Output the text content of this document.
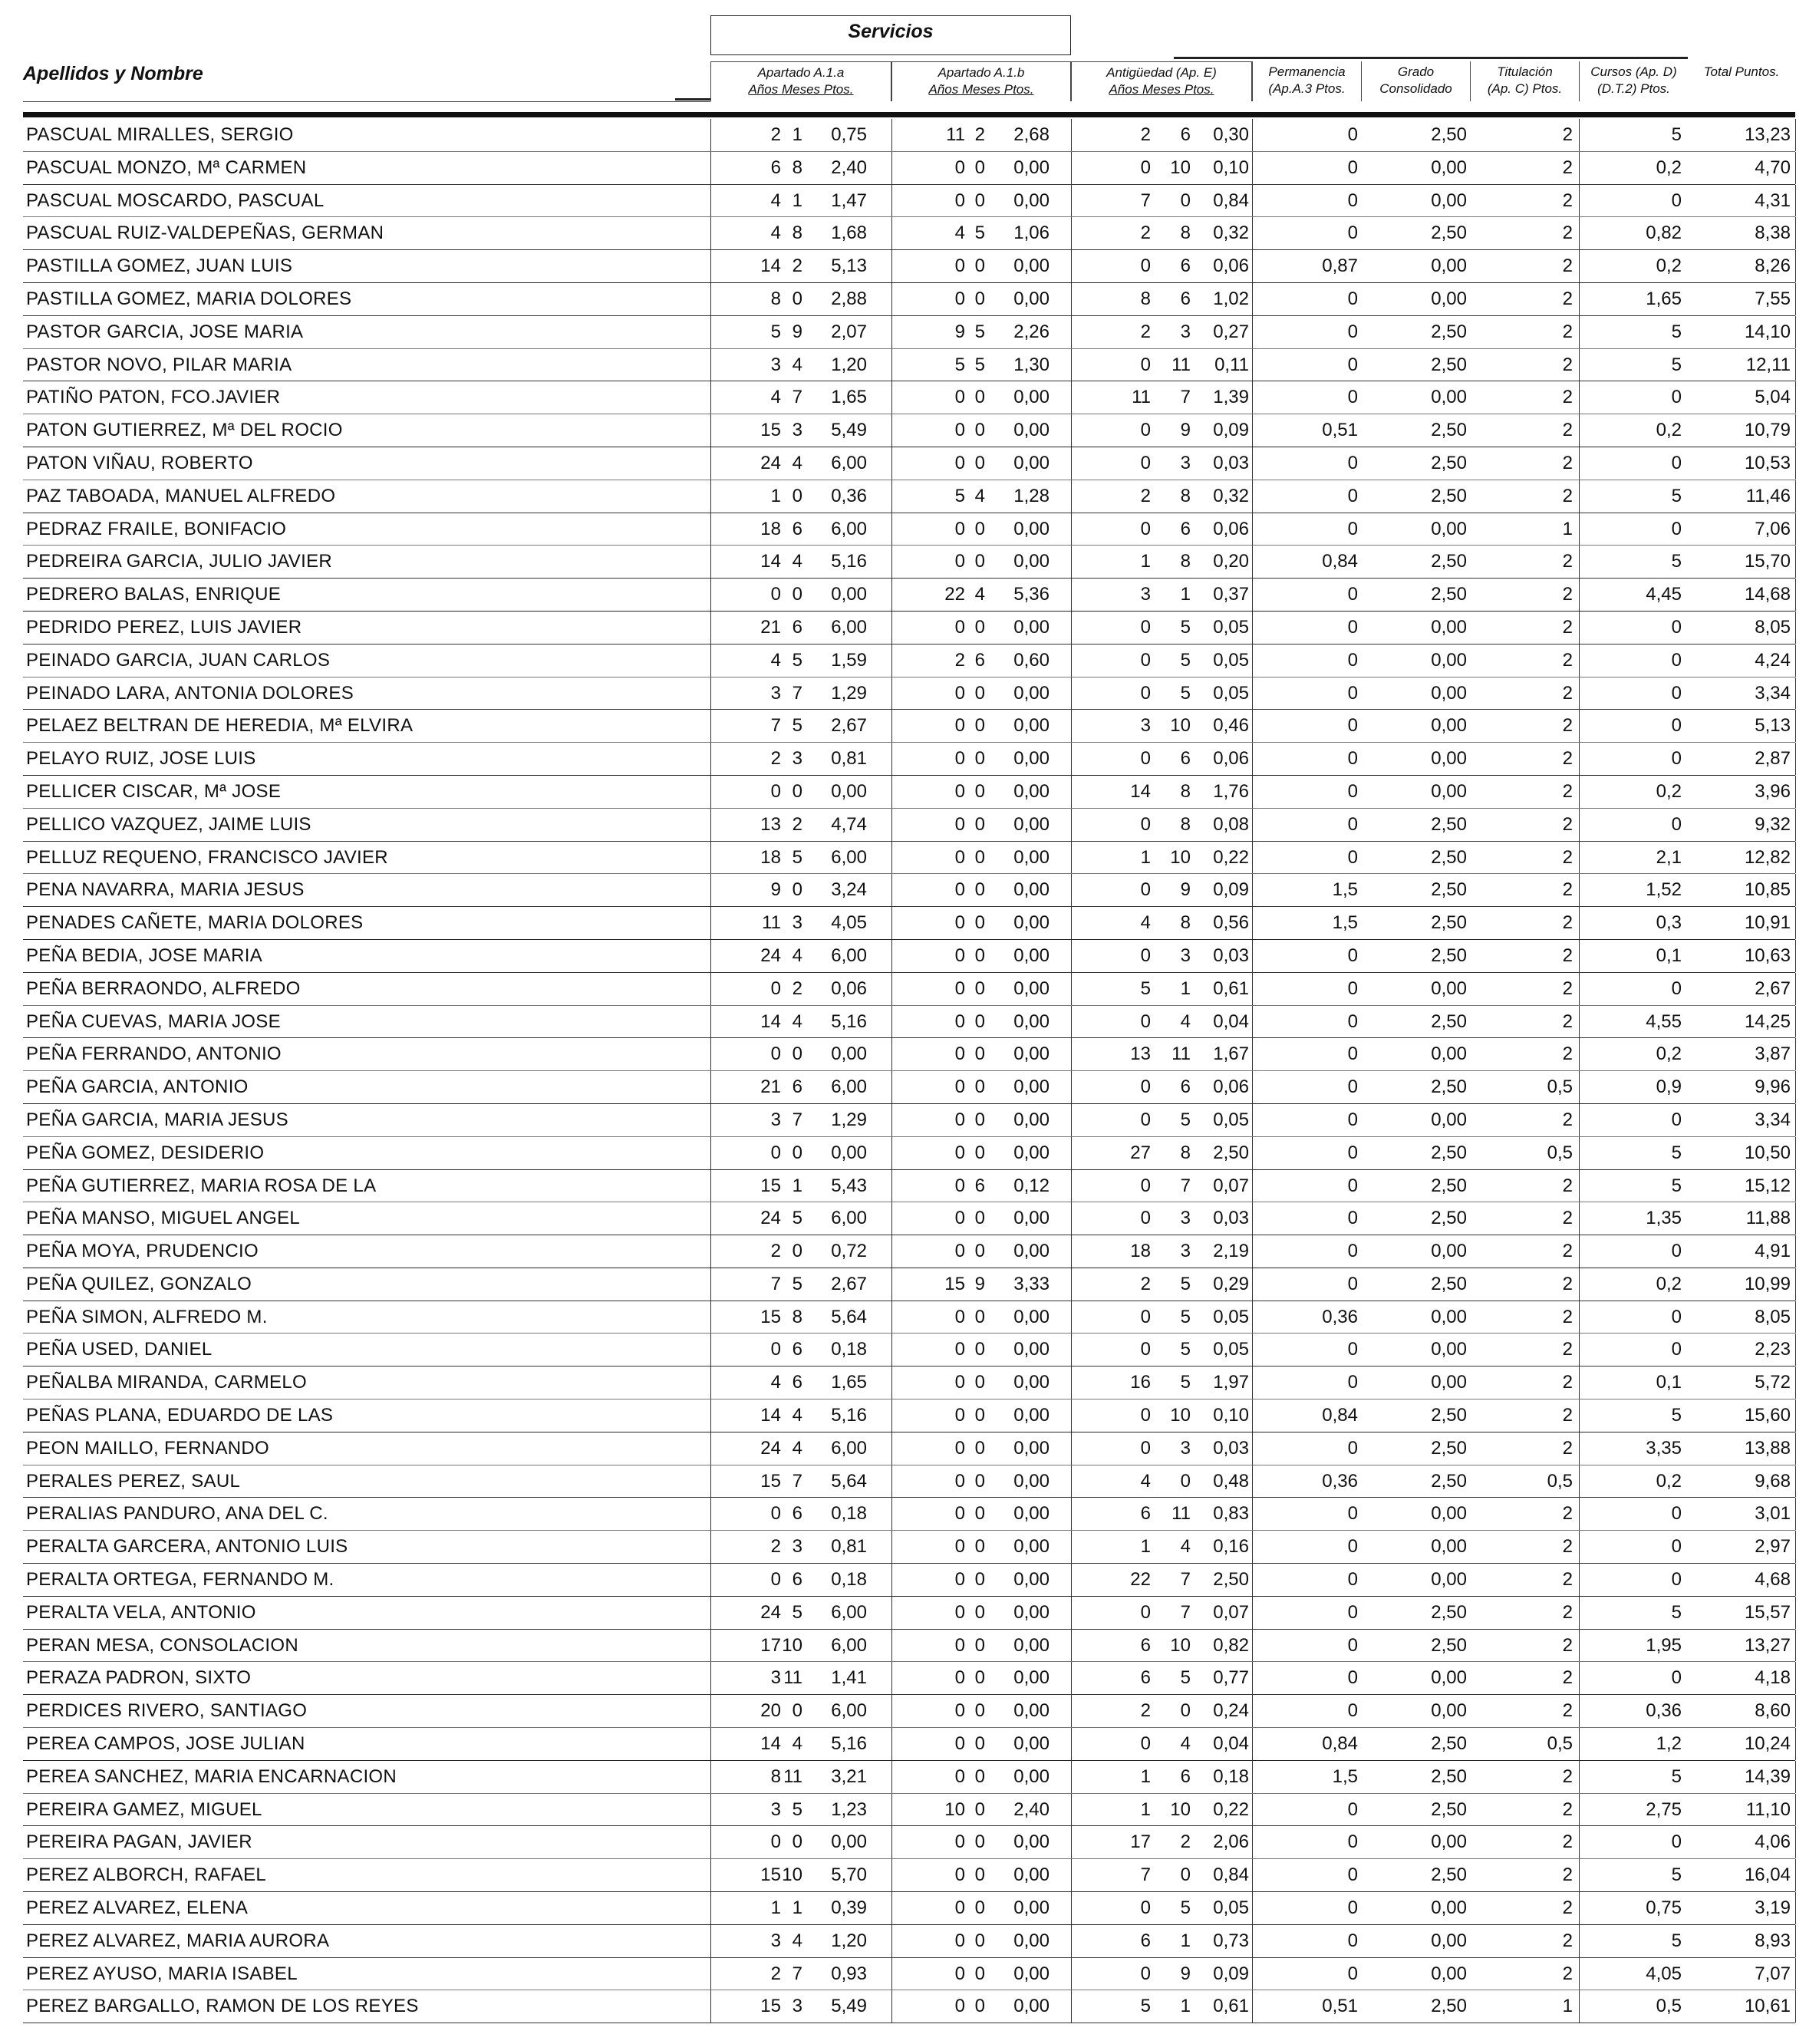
Servicios
Apellidos y Nombre	Apartado A.1.a
Años Meses Ptos.
Apartado A.1.b
Años Meses Ptos.
Antigüedad (Ap. E)
Años Meses Ptos.
Permanencia
(Ap.A.3 Ptos.
Grado
Consolidado
Titulación
(Ap. C) Ptos.
Cursos (Ap. D)
(D.T.2) Ptos.
Total Puntos.
PASCUAL MIRALLES, SERGIO	2 1	0,75	11 2	2,68	2	6	0,30	0	2,50	2	5	13,23
PASCUAL MONZO, Mª CARMEN	6 8	2,40	0 0	0,00	0	10	0,10	0	0,00	2	0,2	4,70
PASCUAL MOSCARDO, PASCUAL	4 1	1,47	0 0	0,00	7	0	0,84	0	0,00	2	0	4,31
PASCUAL RUIZ-VALDEPEÑAS, GERMAN	4 8	1,68	4 5	1,06	2	8	0,32	0	2,50	2	0,82	8,38
PASTILLA GOMEZ, JUAN LUIS	14 2	5,13	0 0	0,00	0	6	0,06	0,87	0,00	2	0,2	8,26
PASTILLA GOMEZ, MARIA DOLORES	8 0	2,88	0 0	0,00	8	6	1,02	0	0,00	2	1,65	7,55
PASTOR GARCIA, JOSE MARIA	5 9	2,07	9 5	2,26	2	3	0,27	0	2,50	2	5	14,10
PASTOR NOVO, PILAR MARIA	3 4	1,20	5 5	1,30	0	11	0,11	0	2,50	2	5	12,11
PATIÑO PATON, FCO.JAVIER	4 7	1,65	0 0	0,00	11	7	1,39	0	0,00	2	0	5,04
PATON GUTIERREZ, Mª DEL ROCIO	15 3	5,49	0 0	0,00	0	9	0,09	0,51	2,50	2	0,2	10,79
PATON VIÑAU, ROBERTO	24 4	6,00	0 0	0,00	0	3	0,03	0	2,50	2	0	10,53
PAZ TABOADA, MANUEL ALFREDO	1 0	0,36	5 4	1,28	2	8	0,32	0	2,50	2	5	11,46
PEDRAZ FRAILE, BONIFACIO	18 6	6,00	0 0	0,00	0	6	0,06	0	0,00	1	0	7,06
PEDREIRA GARCIA, JULIO JAVIER	14 4	5,16	0 0	0,00	1	8	0,20	0,84	2,50	2	5	15,70
PEDRERO BALAS, ENRIQUE	0 0	0,00	22 4	5,36	3	1	0,37	0	2,50	2	4,45	14,68
PEDRIDO PEREZ, LUIS JAVIER	21 6	6,00	0 0	0,00	0	5	0,05	0	0,00	2	0	8,05
PEINADO GARCIA, JUAN CARLOS	4 5	1,59	2 6	0,60	0	5	0,05	0	0,00	2	0	4,24
PEINADO LARA, ANTONIA DOLORES	3 7	1,29	0 0	0,00	0	5	0,05	0	0,00	2	0	3,34
PELAEZ BELTRAN DE HEREDIA, Mª ELVIRA	7 5	2,67	0 0	0,00	3	10	0,46	0	0,00	2	0	5,13
PELAYO RUIZ, JOSE LUIS	2 3	0,81	0 0	0,00	0	6	0,06	0	0,00	2	0	2,87
PELLICER CISCAR, Mª JOSE	0 0	0,00	0 0	0,00	14	8	1,76	0	0,00	2	0,2	3,96
PELLICO VAZQUEZ, JAIME LUIS	13 2	4,74	0 0	0,00	0	8	0,08	0	2,50	2	0	9,32
PELLUZ REQUENO, FRANCISCO JAVIER	18 5	6,00	0 0	0,00	1	10	0,22	0	2,50	2	2,1	12,82
PENA NAVARRA, MARIA JESUS	9 0	3,24	0 0	0,00	0	9	0,09	1,5	2,50	2	1,52	10,85
PENADES CAÑETE, MARIA DOLORES	11 3	4,05	0 0	0,00	4	8	0,56	1,5	2,50	2	0,3	10,91
PEÑA BEDIA, JOSE MARIA	24 4	6,00	0 0	0,00	0	3	0,03	0	2,50	2	0,1	10,63
PEÑA BERRAONDO, ALFREDO	0 2	0,06	0 0	0,00	5	1	0,61	0	0,00	2	0	2,67
PEÑA CUEVAS, MARIA JOSE	14 4	5,16	0 0	0,00	0	4	0,04	0	2,50	2	4,55	14,25
PEÑA FERRANDO, ANTONIO	0 0	0,00	0 0	0,00	13	11	1,67	0	0,00	2	0,2	3,87
PEÑA GARCIA, ANTONIO	21 6	6,00	0 0	0,00	0	6	0,06	0	2,50	0,5	0,9	9,96
PEÑA GARCIA, MARIA JESUS	3 7	1,29	0 0	0,00	0	5	0,05	0	0,00	2	0	3,34
PEÑA GOMEZ, DESIDERIO	0 0	0,00	0 0	0,00	27	8	2,50	0	2,50	0,5	5	10,50
PEÑA GUTIERREZ, MARIA ROSA DE LA	15 1	5,43	0 6	0,12	0	7	0,07	0	2,50	2	5	15,12
PEÑA MANSO, MIGUEL ANGEL	24 5	6,00	0 0	0,00	0	3	0,03	0	2,50	2	1,35	11,88
PEÑA MOYA, PRUDENCIO	2 0	0,72	0 0	0,00	18	3	2,19	0	0,00	2	0	4,91
PEÑA QUILEZ, GONZALO	7 5	2,67	15 9	3,33	2	5	0,29	0	2,50	2	0,2	10,99
PEÑA SIMON, ALFREDO M.	15 8	5,64	0 0	0,00	0	5	0,05	0,36	0,00	2	0	8,05
PEÑA USED, DANIEL	0 6	0,18	0 0	0,00	0	5	0,05	0	0,00	2	0	2,23
PEÑALBA MIRANDA, CARMELO	4 6	1,65	0 0	0,00	16	5	1,97	0	0,00	2	0,1	5,72
PEÑAS PLANA, EDUARDO DE LAS	14 4	5,16	0 0	0,00	0	10	0,10	0,84	2,50	2	5	15,60
PEON MAILLO, FERNANDO	24 4	6,00	0 0	0,00	0	3	0,03	0	2,50	2	3,35	13,88
PERALES PEREZ, SAUL	15 7	5,64	0 0	0,00	4	0	0,48	0,36	2,50	0,5	0,2	9,68
PERALIAS PANDURO, ANA DEL C.	0 6	0,18	0 0	0,00	6	11	0,83	0	0,00	2	0	3,01
PERALTA GARCERA, ANTONIO LUIS	2 3	0,81	0 0	0,00	1	4	0,16	0	0,00	2	0	2,97
PERALTA ORTEGA, FERNANDO M.	0 6	0,18	0 0	0,00	22	7	2,50	0	0,00	2	0	4,68
PERALTA VELA, ANTONIO	24 5	6,00	0 0	0,00	0	7	0,07	0	2,50	2	5	15,57
PERAN MESA, CONSOLACION	17 10	6,00	0 0	0,00	6	10	0,82	0	2,50	2	1,95	13,27
PERAZA PADRON, SIXTO	3 11	1,41	0 0	0,00	6	5	0,77	0	0,00	2	0	4,18
PERDICES RIVERO, SANTIAGO	20 0	6,00	0 0	0,00	2	0	0,24	0	0,00	2	0,36	8,60
PEREA CAMPOS, JOSE JULIAN	14 4	5,16	0 0	0,00	0	4	0,04	0,84	2,50	0,5	1,2	10,24
PEREA SANCHEZ, MARIA ENCARNACION	8 11	3,21	0 0	0,00	1	6	0,18	1,5	2,50	2	5	14,39
PEREIRA GAMEZ, MIGUEL	3 5	1,23	10 0	2,40	1	10	0,22	0	2,50	2	2,75	11,10
PEREIRA PAGAN, JAVIER	0 0	0,00	0 0	0,00	17	2	2,06	0	0,00	2	0	4,06
PEREZ ALBORCH, RAFAEL	15 10	5,70	0 0	0,00	7	0	0,84	0	2,50	2	5	16,04
PEREZ ALVAREZ, ELENA	1 1	0,39	0 0	0,00	0	5	0,05	0	0,00	2	0,75	3,19
PEREZ ALVAREZ, MARIA AURORA	3 4	1,20	0 0	0,00	6	1	0,73	0	0,00	2	5	8,93
PEREZ AYUSO, MARIA ISABEL	2 7	0,93	0 0	0,00	0	9	0,09	0	0,00	2	4,05	7,07
PEREZ BARGALLO, RAMON DE LOS REYES	15 3	5,49	0 0	0,00	5	1	0,61	0,51	2,50	1	0,5	10,61
